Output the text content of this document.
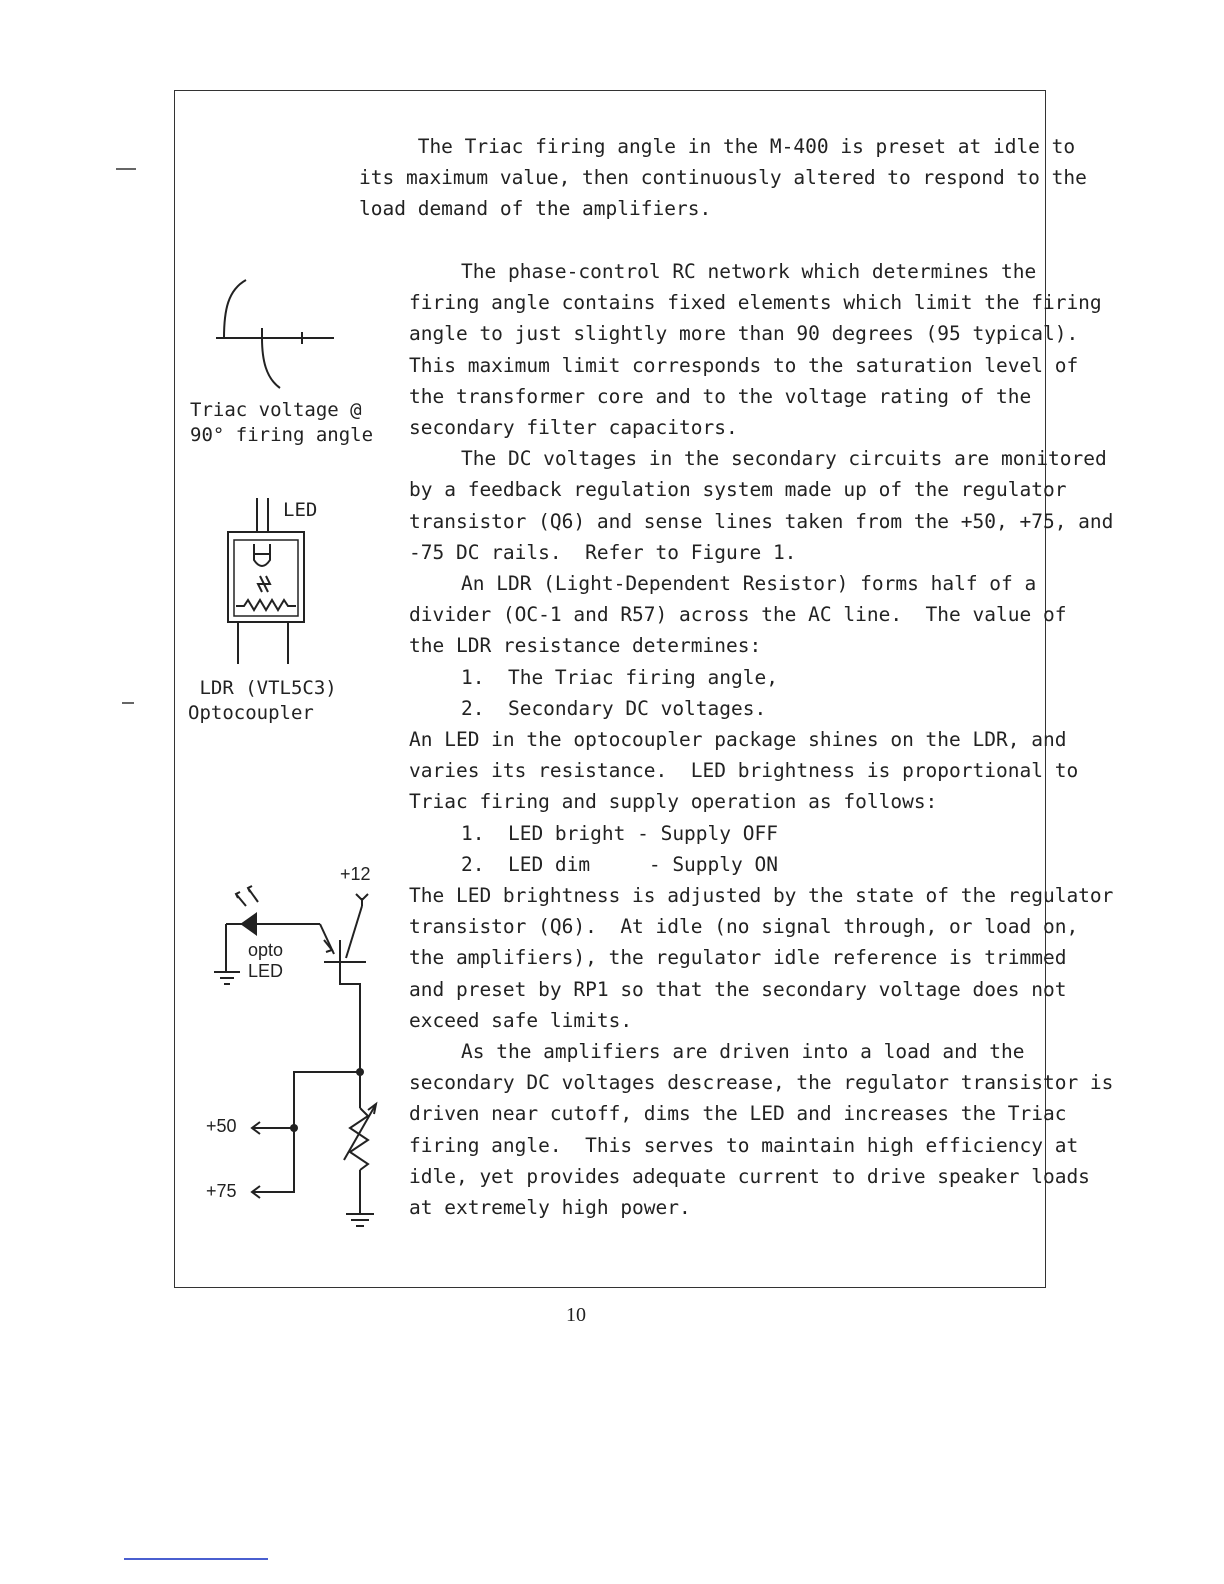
The Triac firing angle in the M-400 is preset at idle to
its maximum value, then continuously altered to respond to the
load demand of the amplifiers.
The phase-control RC network which determines the
firing angle contains fixed elements which limit the firing
angle to just slightly more than 90 degrees (95 typical).
This maximum limit corresponds to the saturation level of
the transformer core and to the voltage rating of the
secondary filter capacitors.
The DC voltages in the secondary circuits are monitored
by a feedback regulation system made up of the regulator
transistor (Q6) and sense lines taken from the +50, +75, and
-75 DC rails.  Refer to Figure 1.
An LDR (Light-Dependent Resistor) forms half of a
divider (OC-1 and R57) across the AC line.  The value of
the LDR resistance determines:
1.  The Triac firing angle,
2.  Secondary DC voltages.
An LED in the optocoupler package shines on the LDR, and
varies its resistance.  LED brightness is proportional to
Triac firing and supply operation as follows:
1.  LED bright - Supply OFF
2.  LED dim     - Supply ON
The LED brightness is adjusted by the state of the regulator
transistor (Q6).  At idle (no signal through, or load on,
the amplifiers), the regulator idle reference is trimmed
and preset by RP1 so that the secondary voltage does not
exceed safe limits.
As the amplifiers are driven into a load and the
secondary DC voltages descrease, the regulator transistor is
driven near cutoff, dims the LED and increases the Triac
firing angle.  This serves to maintain high efficiency at
idle, yet provides adequate current to drive speaker loads
at extremely high power.
Triac voltage @
90° firing angle
LED
LDR (VTL5C3)
Optocoupler
+12
opto
LED
+50
+75
10
